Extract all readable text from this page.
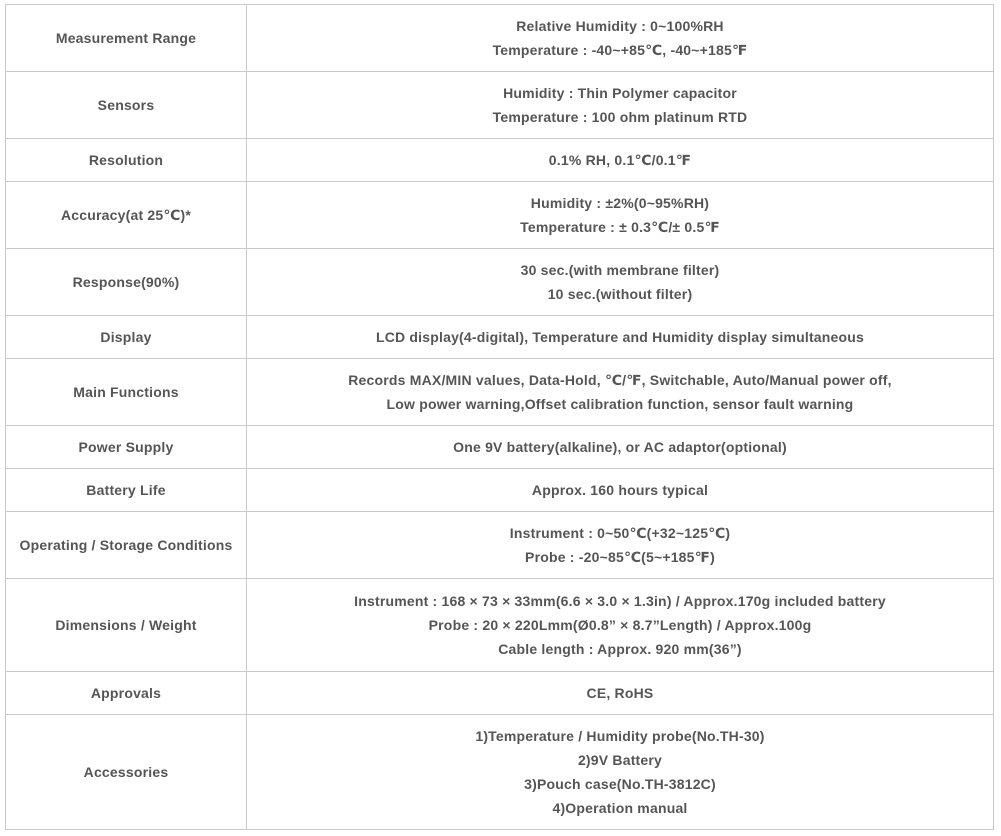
Measurement Range	Relative Humidity : 0~100%RH
Temperature : -40~+85℃, -40~+185℉

Sensors	Humidity : Thin Polymer capacitor
Temperature : 100 ohm platinum RTD

Resolution	0.1% RH, 0.1℃/0.1℉

Accuracy(at 25℃)*	Humidity : ±2%(0~95%RH)
Temperature : ± 0.3℃/± 0.5℉

Response(90%)	30 sec.(with membrane filter)
10 sec.(without filter)

Display	LCD display(4-digital), Temperature and Humidity display simultaneous

Main Functions	Records MAX/MIN values, Data-Hold, ℃/℉, Switchable, Auto/Manual power off,
Low power warning,Offset calibration function, sensor fault warning

Power Supply	One 9V battery(alkaline), or AC adaptor(optional)

Battery Life	Approx. 160 hours typical

Operating / Storage Conditions	Instrument : 0~50℃(+32~125℃)
Probe : -20~85℃(5~+185℉)

Dimensions / Weight	Instrument : 168 × 73 × 33mm(6.6 × 3.0 × 1.3in) / Approx.170g included battery
Probe : 20 × 220Lmm(Ø0.8” × 8.7”Length) / Approx.100g
Cable length : Approx. 920 mm(36”)

Approvals	CE, RoHS

Accessories	1)Temperature / Humidity probe(No.TH-30)
2)9V Battery
3)Pouch case(No.TH-3812C)
4)Operation manual
